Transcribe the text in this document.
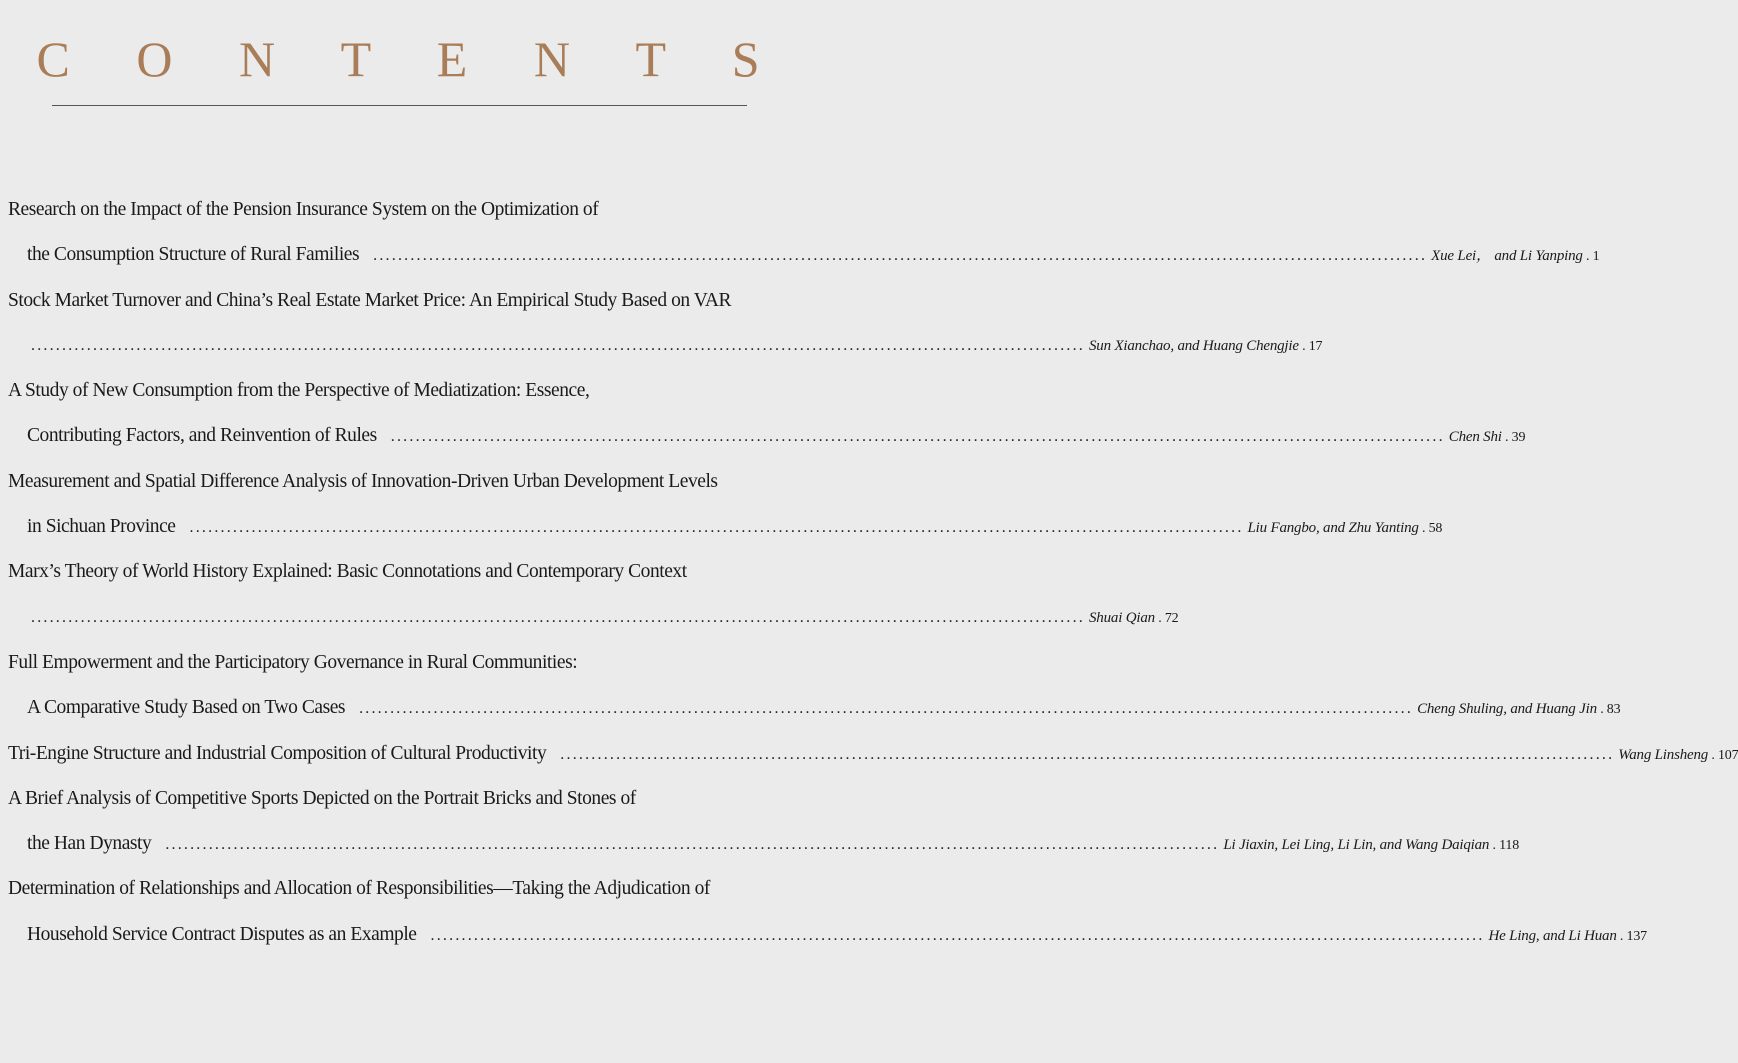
C O N T E N T S
Research on the Impact of the Pension Insurance System on the Optimization of
the Consumption Structure of Rural Families .......................................................................................................................................................................... Xue Lei， and Li Yanping . 1
Stock Market Turnover and China’s Real Estate Market Price: An Empirical Study Based on VAR
.......................................................................................................................................................................... Sun Xianchao, and Huang Chengjie . 17
A Study of New Consumption from the Perspective of Mediatization: Essence,
Contributing Factors, and Reinvention of Rules .......................................................................................................................................................................... Chen Shi . 39
Measurement and Spatial Difference Analysis of Innovation-Driven Urban Development Levels
in Sichuan Province .......................................................................................................................................................................... Liu Fangbo, and Zhu Yanting . 58
Marx’s Theory of World History Explained: Basic Connotations and Contemporary Context
.......................................................................................................................................................................... Shuai Qian . 72
Full Empowerment and the Participatory Governance in Rural Communities:
A Comparative Study Based on Two Cases .......................................................................................................................................................................... Cheng Shuling, and Huang Jin . 83
Tri-Engine Structure and Industrial Composition of Cultural Productivity .......................................................................................................................................................................... Wang Linsheng . 107
A Brief Analysis of Competitive Sports Depicted on the Portrait Bricks and Stones of
the Han Dynasty .......................................................................................................................................................................... Li Jiaxin, Lei Ling, Li Lin, and Wang Daiqian . 118
Determination of Relationships and Allocation of Responsibilities—Taking the Adjudication of
Household Service Contract Disputes as an Example .......................................................................................................................................................................... He Ling, and Li Huan . 137
